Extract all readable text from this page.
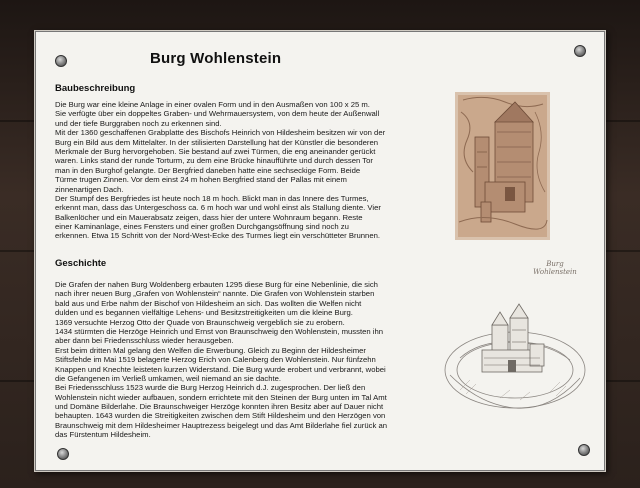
Burg Wohlenstein
Baubeschreibung
Die Burg war eine kleine Anlage in einer ovalen Form und in den Ausmaßen von 100 x 25 m.
Sie verfügte über ein doppeltes Graben- und Wehrmauersystem, von dem heute der Außenwall
und der tiefe Burggraben noch zu erkennen sind.
Mit der 1360 geschaffenen Grabplatte des Bischofs Heinrich von Hildesheim besitzen wir von der
Burg ein Bild aus dem Mittelalter. In der stilisierten Darstellung hat der Künstler die besonderen
Merkmale der Burg hervorgehoben. Sie bestand auf zwei Türmen, die eng aneinander gerückt
waren. Links stand der runde Torturm, zu dem eine Brücke hinaufführte und durch dessen Tor
man in den Burghof gelangte. Der Bergfried daneben hatte eine sechseckige Form. Beide
Türme trugen Zinnen. Vor dem einst 24 m hohen Bergfried stand der Pallas mit einem
zinnenartigen Dach.
Der Stumpf des Bergfriedes ist heute noch 18 m hoch. Blickt man in das Innere des Turmes,
erkennt man, dass das Untergeschoss ca. 6 m hoch war und wohl einst als Stallung diente. Vier
Balkenlöcher und ein Mauerabsatz zeigen, dass hier der untere Wohnraum begann. Reste
einer Kaminanlage, eines Fensters und einer großen Durchgangsöffnung sind noch zu
erkennen. Etwa 15 Schritt von der Nord-West-Ecke des Turmes liegt ein verschütteter Brunnen.
Geschichte
Die Grafen der nahen Burg Woldenberg erbauten 1295 diese Burg für eine Nebenlinie, die sich
nach ihrer neuen Burg „Grafen von Wohlenstein“ nannte. Die Grafen von Wohlenstein starben
bald aus und Erbe nahm der Bischof von Hildesheim an sich. Das wollten die Welfen nicht
dulden und es begannen vielfältige Lehens- und Besitzstreitigkeiten um die kleine Burg.
1369 versuchte Herzog Otto der Quade von Braunschweig vergeblich sie zu erobern.
1434 stürmten die Herzöge Heinrich und Ernst von Braunschweig den Wohlenstein, mussten ihn
aber dann bei Friedensschluss wieder herausgeben.
Erst beim dritten Mal gelang den Welfen die Erwerbung. Gleich zu Beginn der Hildesheimer
Stiftsfehde im Mai 1519 belagerte Herzog Erich von Calenberg den Wohlenstein. Nur fünfzehn
Knappen und Knechte leisteten kurzen Widerstand. Die Burg wurde erobert und verbrannt, wobei
die Gefangenen im Verließ umkamen, weil niemand an sie dachte.
Bei Friedensschluss 1523 wurde die Burg Herzog Heinrich d.J. zugesprochen. Der ließ den
Wohlenstein nicht wieder aufbauen, sondern errichtete mit den Steinen der Burg unten im Tal Amt
und Domäne Bilderlahe. Die Braunschweiger Herzöge konnten ihren Besitz aber auf Dauer nicht
behaupten. 1643 wurden die Streitigkeiten zwischen dem Stift Hildesheim und den Herzögen von
Braunschweig mit dem Hildesheimer Hauptrezess beigelegt und das Amt Bilderlahe fiel zurück an
das Fürstentum Hildesheim.
Burg
Wohlenstein
